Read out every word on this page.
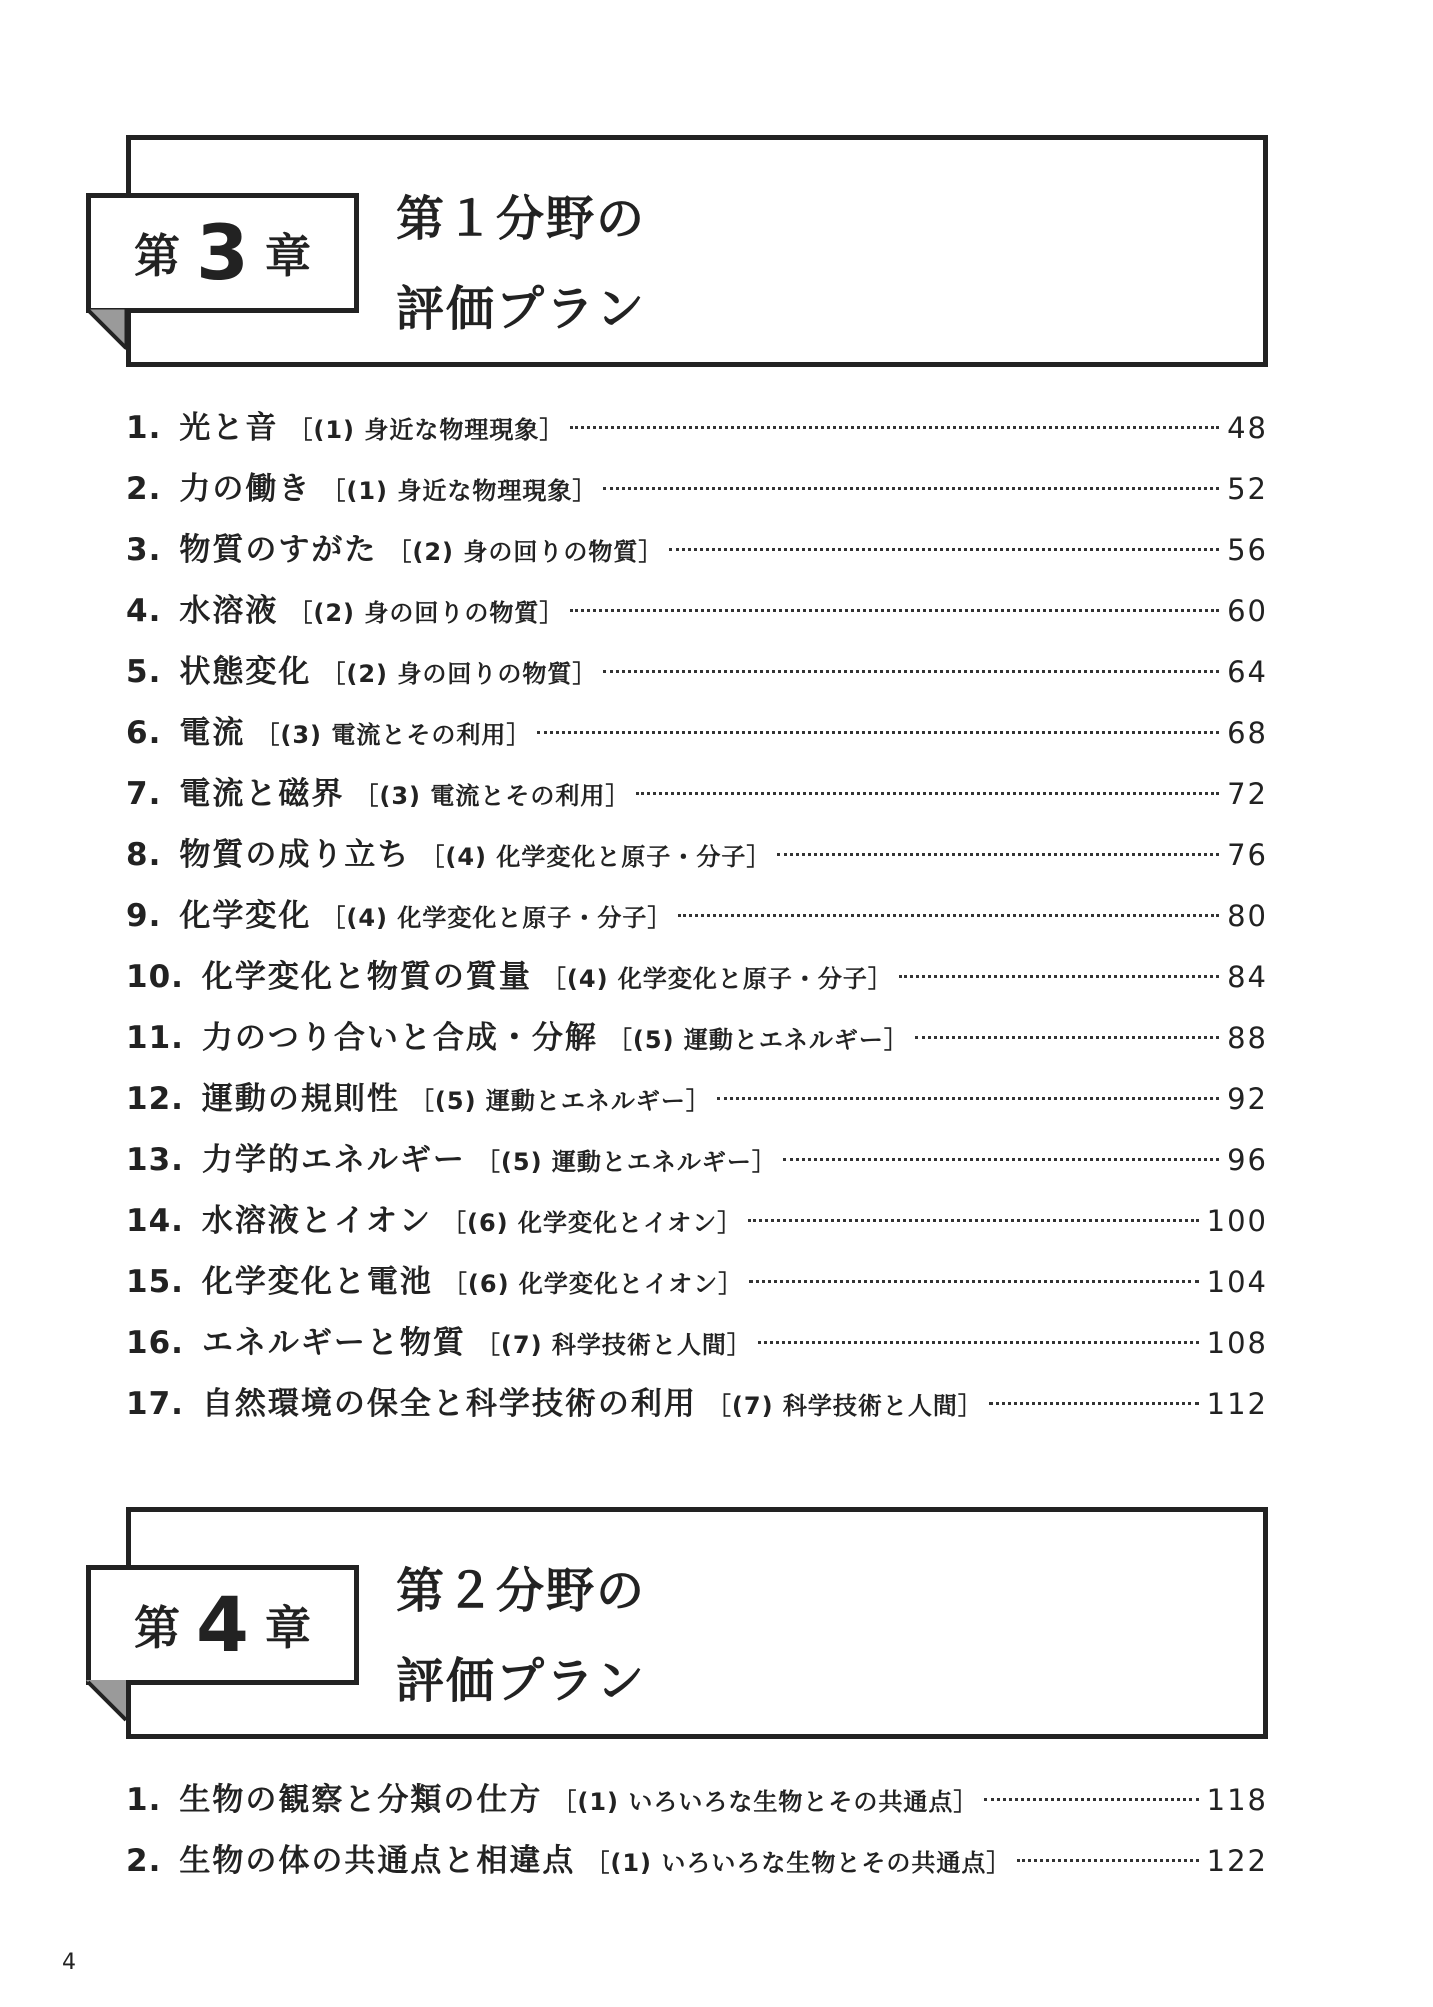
第１分野の
評価プラン
第 3 章
1. 光と音 ［(1) 身近な物理現象］	48
2. 力の働き ［(1) 身近な物理現象］	52
3. 物質のすがた ［(2) 身の回りの物質］	56
4. 水溶液 ［(2) 身の回りの物質］	60
5. 状態変化 ［(2) 身の回りの物質］	64
6. 電流 ［(3) 電流とその利用］	68
7. 電流と磁界 ［(3) 電流とその利用］	72
8. 物質の成り立ち ［(4) 化学変化と原子・分子］	76
9. 化学変化 ［(4) 化学変化と原子・分子］	80
10. 化学変化と物質の質量 ［(4) 化学変化と原子・分子］	84
11. 力のつり合いと合成・分解 ［(5) 運動とエネルギー］	88
12. 運動の規則性 ［(5) 運動とエネルギー］	92
13. 力学的エネルギー ［(5) 運動とエネルギー］	96
14. 水溶液とイオン ［(6) 化学変化とイオン］	100
15. 化学変化と電池 ［(6) 化学変化とイオン］	104
16. エネルギーと物質 ［(7) 科学技術と人間］	108
17. 自然環境の保全と科学技術の利用 ［(7) 科学技術と人間］	112
第２分野の
評価プラン
第 4 章
1. 生物の観察と分類の仕方 ［(1) いろいろな生物とその共通点］	118
2. 生物の体の共通点と相違点 ［(1) いろいろな生物とその共通点］	122
4
